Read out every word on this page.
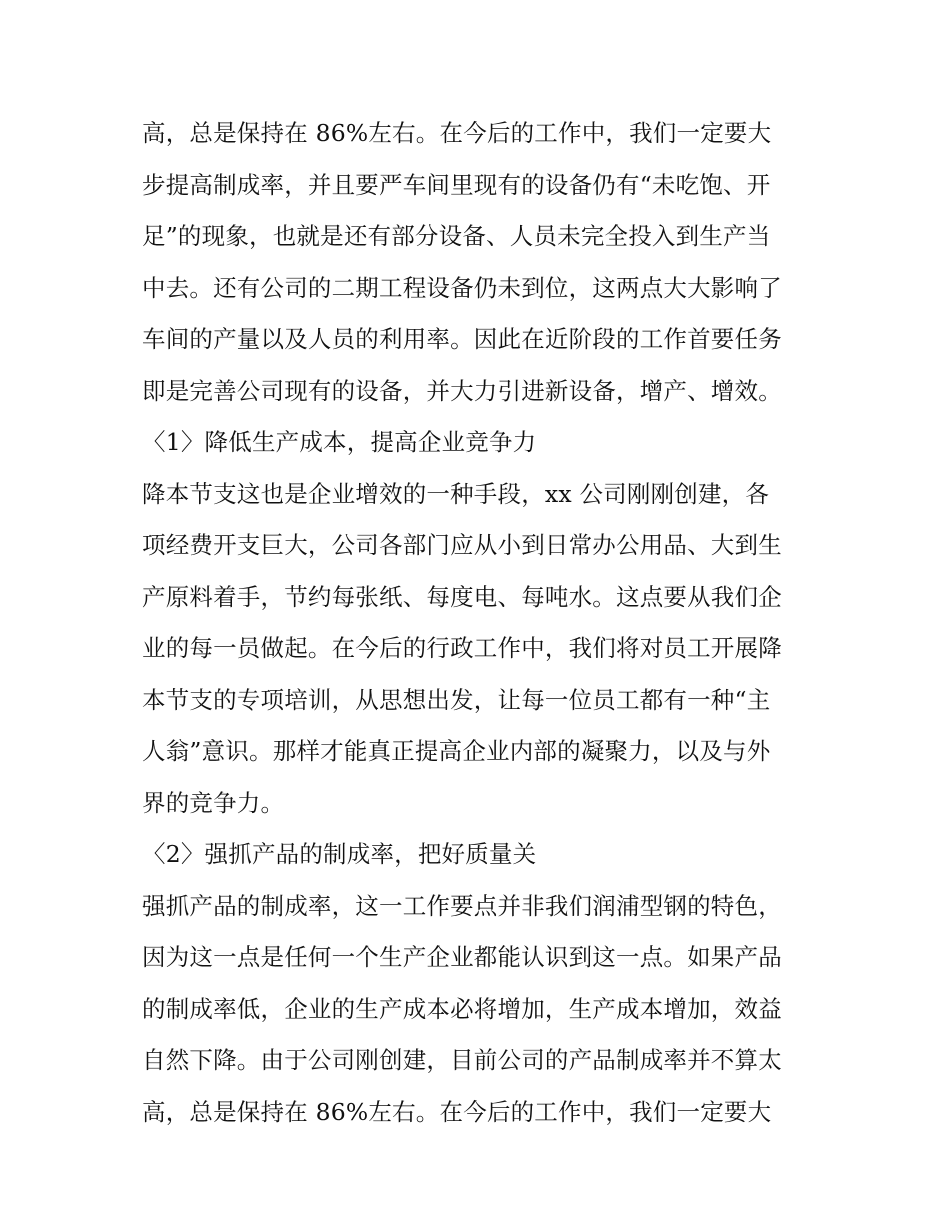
高，总是保持在 86%左右。在今后的工作中，我们一定要大
步提高制成率，并且要严车间里现有的设备仍有“未吃饱、开
足”的现象，也就是还有部分设备、人员未完全投入到生产当
中去。还有公司的二期工程设备仍未到位，这两点大大影响了
车间的产量以及人员的利用率。因此在近阶段的工作首要任务
即是完善公司现有的设备，并大力引进新设备，增产、增效。
〈1〉降低生产成本，提高企业竞争力
降本节支这也是企业增效的一种手段，xx 公司刚刚创建，各
项经费开支巨大，公司各部门应从小到日常办公用品、大到生
产原料着手，节约每张纸、每度电、每吨水。这点要从我们企
业的每一员做起。在今后的行政工作中，我们将对员工开展降
本节支的专项培训，从思想出发，让每一位员工都有一种“主
人翁”意识。那样才能真正提高企业内部的凝聚力，以及与外
界的竞争力。
〈2〉强抓产品的制成率，把好质量关
强抓产品的制成率，这一工作要点并非我们润浦型钢的特色，
因为这一点是任何一个生产企业都能认识到这一点。如果产品
的制成率低，企业的生产成本必将增加，生产成本增加，效益
自然下降。由于公司刚创建，目前公司的产品制成率并不算太
高，总是保持在 86%左右。在今后的工作中，我们一定要大
